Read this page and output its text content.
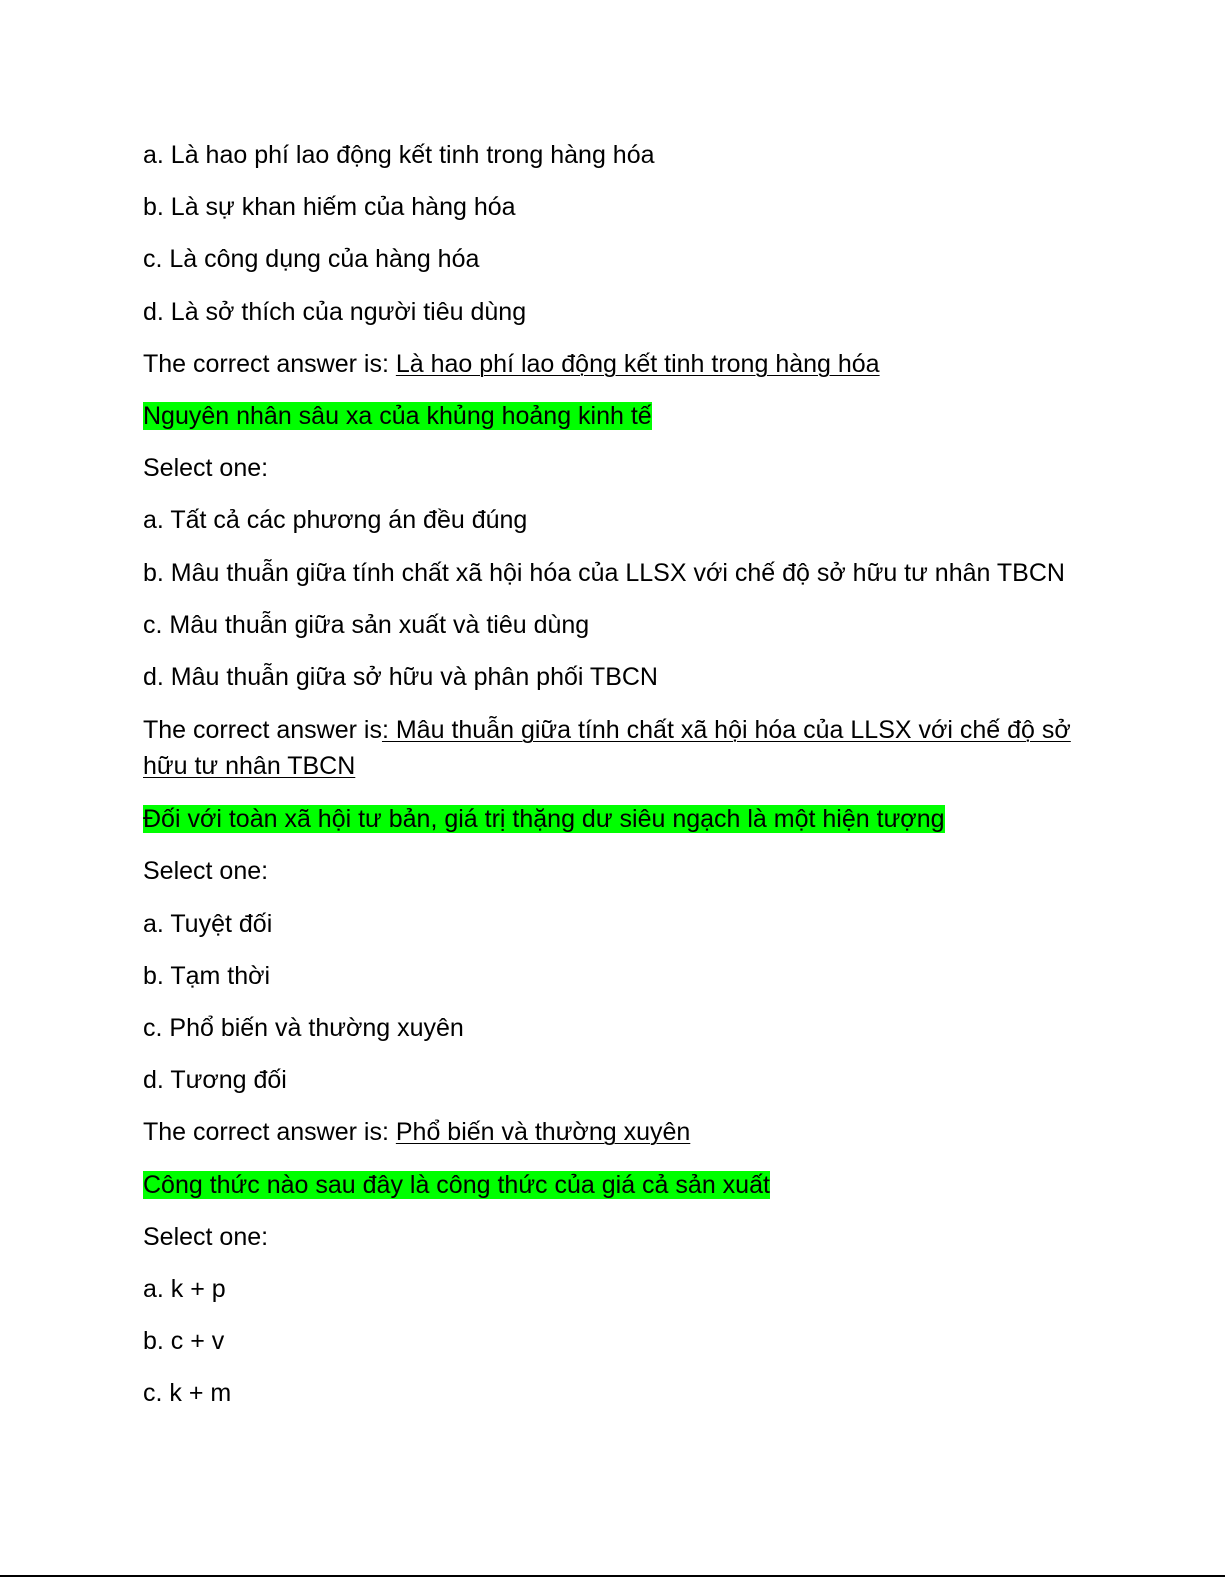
a. Là hao phí lao động kết tinh trong hàng hóa

b. Là sự khan hiếm của hàng hóa

c. Là công dụng của hàng hóa

d. Là sở thích của người tiêu dùng

The correct answer is: Là hao phí lao động kết tinh trong hàng hóa

Nguyên nhân sâu xa của khủng hoảng kinh tế

Select one:

a. Tất cả các phương án đều đúng

b. Mâu thuẫn giữa tính chất xã hội hóa của LLSX với chế độ sở hữu tư nhân TBCN

c. Mâu thuẫn giữa sản xuất và tiêu dùng

d. Mâu thuẫn giữa sở hữu và phân phối TBCN

The correct answer is: Mâu thuẫn giữa tính chất xã hội hóa của LLSX với chế độ sở hữu tư nhân TBCN

Đối với toàn xã hội tư bản, giá trị thặng dư siêu ngạch là một hiện tượng

Select one:

a. Tuyệt đối

b. Tạm thời

c. Phổ biến và thường xuyên

d. Tương đối

The correct answer is: Phổ biến và thường xuyên

Công thức nào sau đây là công thức của giá cả sản xuất

Select one:

a. k + p

b. c + v

c. k + m
